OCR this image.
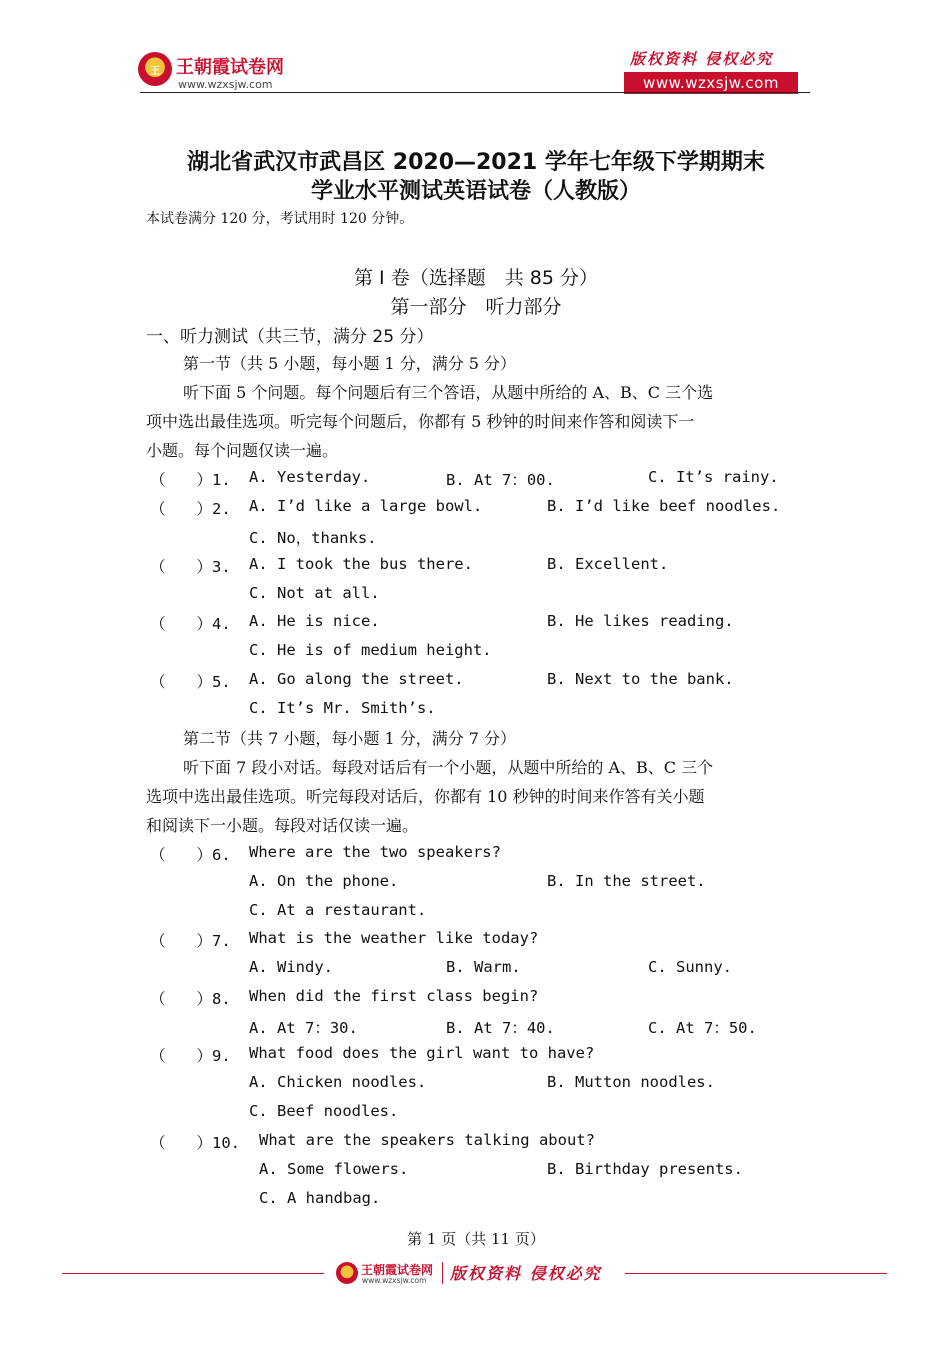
王 王朝霞试卷网
www.wzxsjw.com
版权资料 侵权必究
www.wzxsjw.com
湖北省武汉市武昌区 2020—2021 学年七年级下学期期末
学业水平测试英语试卷（人教版）
本试卷满分 120 分，考试用时 120 分钟。
第 I 卷（选择题　共 85 分）
第一部分　听力部分
一、听力测试（共三节，满分 25 分）
第一节（共 5 小题，每小题 1 分，满分 5 分）
听下面 5 个问题。每个问题后有三个答语，从题中所给的 A、B、C 三个选
项中选出最佳选项。听完每个问题后，你都有 5 秒钟的时间来作答和阅读下一
小题。每个问题仅读一遍。
（　　）1. A. Yesterday.	B. At 7：00.	C. It’s rainy.
（　　）2. A. I’d like a large bowl.	B. I’d like beef noodles.
C. No，thanks.
（　　）3. A. I took the bus there.	B. Excellent.
C. Not at all.
（　　）4. A. He is nice.	B. He likes reading.
C. He is of medium height.
（　　）5. A. Go along the street.	B. Next to the bank.
C. It’s Mr. Smith’s.
第二节（共 7 小题，每小题 1 分，满分 7 分）
听下面 7 段小对话。每段对话后有一个小题，从题中所给的 A、B、C 三个
选项中选出最佳选项。听完每段对话后，你都有 10 秒钟的时间来作答有关小题
和阅读下一小题。每段对话仅读一遍。
（　　）6. Where are the two speakers?
A. On the phone.	B. In the street.
C. At a restaurant.
（　　）7. What is the weather like today?
A. Windy.	B. Warm.	C. Sunny.
（　　）8. When did the first class begin?
A. At 7：30.	B. At 7：40.	C. At 7：50.
（　　）9. What food does the girl want to have?
A. Chicken noodles.	B. Mutton noodles.
C. Beef noodles.
（　　）10. What are the speakers talking about?
A. Some flowers.	B. Birthday presents.
C. A handbag.
第 1 页（共 11 页）
王朝霞试卷网
www.wzxsjw.com 版权资料 侵权必究
